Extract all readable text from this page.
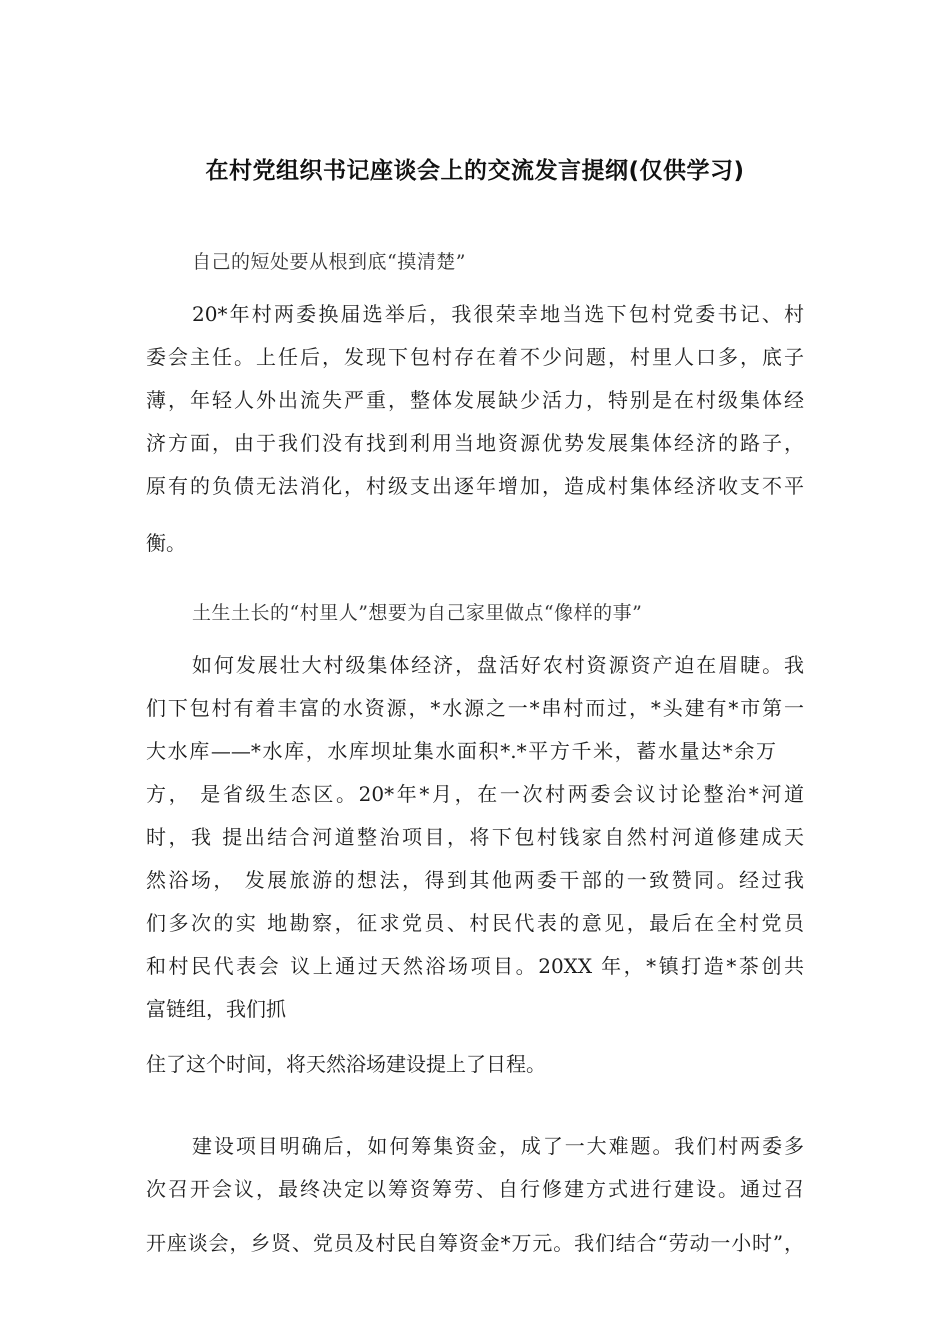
在村党组织书记座谈会上的交流发言提纲(仅供学习)
自己的短处要从根到底“摸清楚”
20*年村两委换届选举后，我很荣幸地当选下包村党委书记、村
委会主任。上任后，发现下包村存在着不少问题，村里人口多，底子
薄，年轻人外出流失严重，整体发展缺少活力，特别是在村级集体经
济方面，由于我们没有找到利用当地资源优势发展集体经济的路子，
原有的负债无法消化，村级支出逐年增加，造成村集体经济收支不平
衡。
土生土长的“村里人”想要为自己家里做点“像样的事”
如何发展壮大村级集体经济，盘活好农村资源资产迫在眉睫。我
们下包村有着丰富的水资源，*水源之一*串村而过，*头建有*市第一
大水库——*水库，水库坝址集水面积*.*平方千米，蓄水量达*余万
方， 是省级生态区。20*年*月，在一次村两委会议讨论整治*河道
时，我 提出结合河道整治项目，将下包村钱家自然村河道修建成天
然浴场， 发展旅游的想法，得到其他两委干部的一致赞同。经过我
们多次的实 地勘察，征求党员、村民代表的意见，最后在全村党员
和村民代表会 议上通过天然浴场项目。20XX 年，*镇打造*茶创共
富链组，我们抓
住了这个时间，将天然浴场建设提上了日程。
建设项目明确后，如何筹集资金，成了一大难题。我们村两委多
次召开会议，最终决定以筹资筹劳、自行修建方式进行建设。通过召
开座谈会，乡贤、党员及村民自筹资金*万元。我们结合“劳动一小时”，
